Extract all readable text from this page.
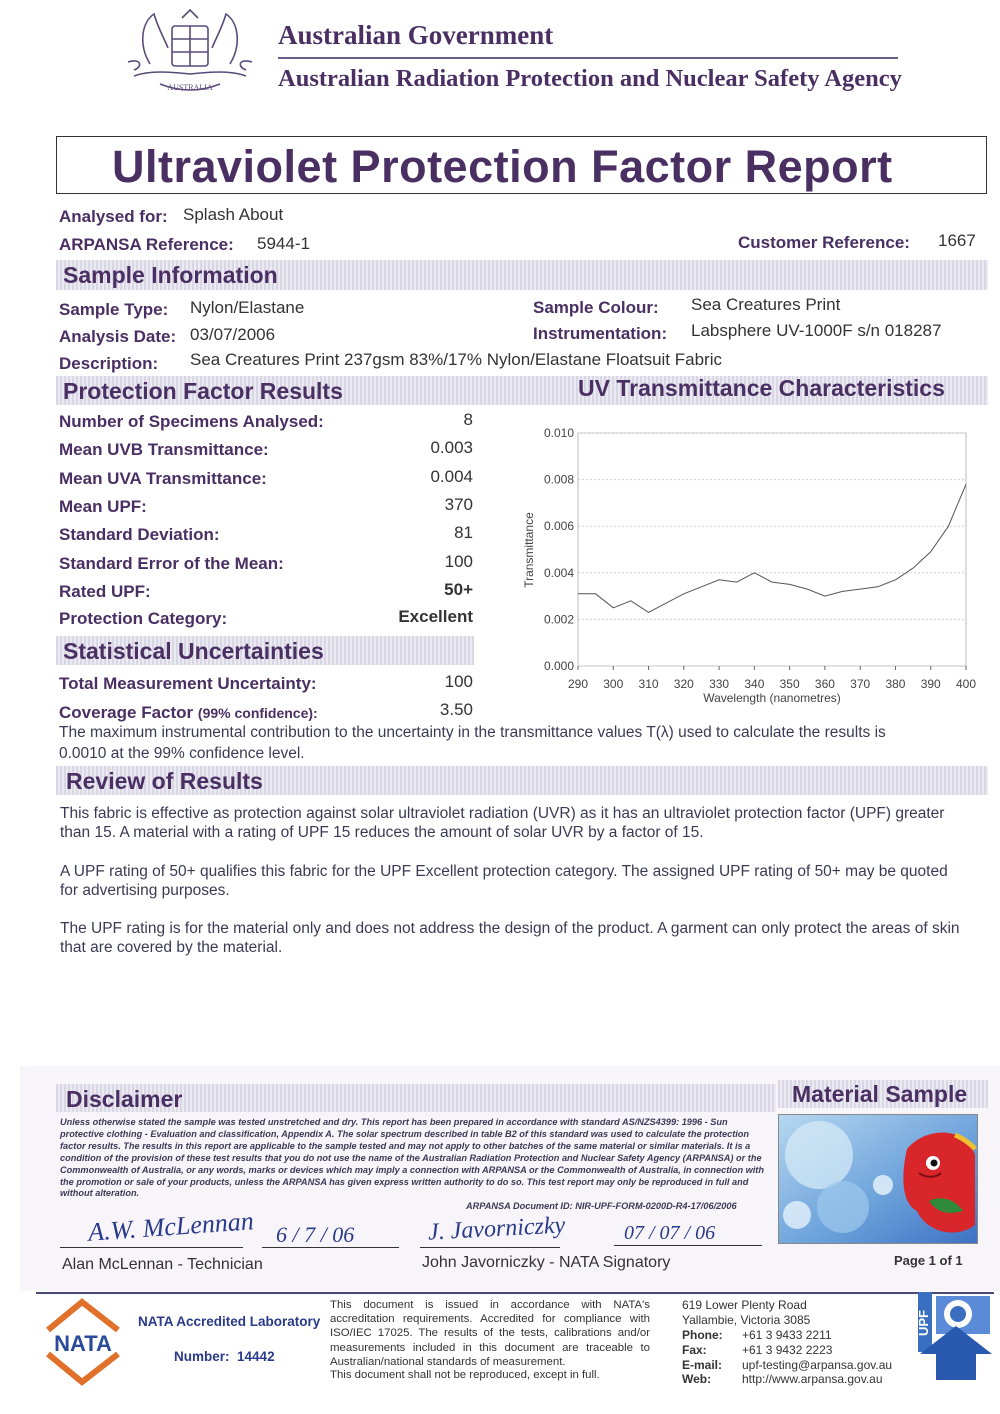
AUSTRALIA
Australian Government
Australian Radiation Protection and Nuclear Safety Agency
Ultraviolet Protection Factor Report
Analysed for: Splash About
ARPANSA Reference: 5944-1	Customer Reference: 1667
Sample Information
Sample Type: Nylon/Elastane
Analysis Date: 03/07/2006
Description: Sea Creatures Print 237gsm 83%/17% Nylon/Elastane Floatsuit Fabric
Sample Colour: Sea Creatures Print
Instrumentation: Labsphere UV-1000F s/n 018287
Protection Factor Results	UV Transmittance Characteristics
Number of Specimens Analysed:	8
Mean UVB Transmittance:	0.003
Mean UVA Transmittance:	0.004
Mean UPF:	370
Standard Deviation:	81
Standard Error of the Mean:	100
Rated UPF:	50+
Protection Category:	Excellent
0.010
0.008
0.006
0.004
0.002
0.000
290 300 310 320 330 340 350 360 370 380 390 400
Wavelength (nanometres)
Transmittance
Statistical Uncertainties
Total Measurement Uncertainty:	100
Coverage Factor (99% confidence):	3.50
The maximum instrumental contribution to the uncertainty in the transmittance values T(λ) used to calculate the results is
0.0010 at the 99% confidence level.
Review of Results
This fabric is effective as protection against solar ultraviolet radiation (UVR) as it has an ultraviolet protection factor (UPF) greater than 15. A material with a rating of UPF 15 reduces the amount of solar UVR by a factor of 15.
A UPF rating of 50+ qualifies this fabric for the UPF Excellent protection category. The assigned UPF rating of 50+ may be quoted for advertising purposes.
The UPF rating is for the material only and does not address the design of the product. A garment can only protect the areas of skin that are covered by the material.
Disclaimer	Material Sample
Unless otherwise stated the sample was tested unstretched and dry. This report has been prepared in accordance with standard AS/NZS4399: 1996 - Sun protective clothing - Evaluation and classification, Appendix A. The solar spectrum described in table B2 of this standard was used to calculate the protection factor results. The results in this report are applicable to the sample tested and may not apply to other batches of the same material or similar materials. It is a condition of the provision of these test results that you do not use the name of the Australian Radiation Protection and Nuclear Safety Agency (ARPANSA) or the Commonwealth of Australia, or any words, marks or devices which may imply a connection with ARPANSA or the Commonwealth of Australia, in connection with the promotion or sale of your products, unless the ARPANSA has given express written authority to do so. This test report may only be reproduced in full and without alteration.
ARPANSA Document ID: NIR-UPF-FORM-0200D-R4-17/06/2006
Page 1 of 1
A.W. McLennan 6 / 7 / 06
Alan McLennan - Technician
J. Javorniczky	07 / 07 / 06
John Javorniczky - NATA Signatory
NATA
NATA Accredited Laboratory
Number: 14442
This document is issued in accordance with NATA's accreditation requirements. Accredited for compliance with ISO/IEC 17025. The results of the tests, calibrations and/or measurements included in this document are traceable to Australian/national standards of measurement.
This document shall not be reproduced, except in full.
619 Lower Plenty Road
Yallambie, Victoria 3085
Phone: +61 3 9433 2211
Fax:	+61 3 9432 2223
E-mail: upf-testing@arpansa.gov.au
Web:	http://www.arpansa.gov.au
UPF
